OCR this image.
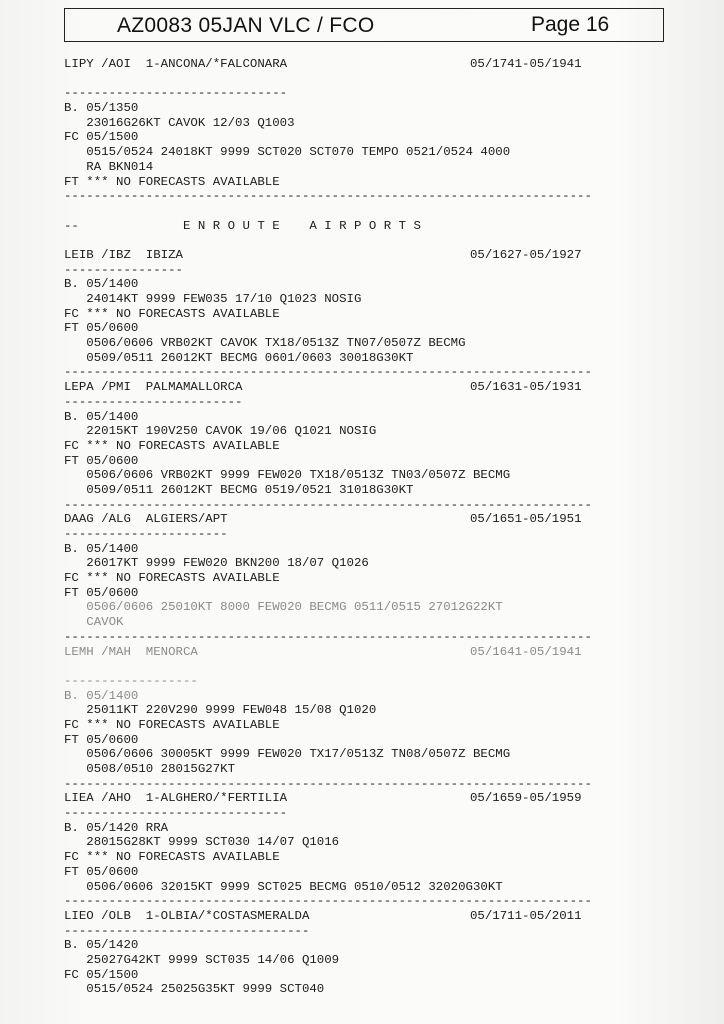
AZ0083 05JAN VLC / FCO	Page 16
LIPY /AOI  1-ANCONA/*FALCONARA	05/1741-05/1941
------------------------------
B. 05/1350
23016G26KT CAVOK 12/03 Q1003
FC 05/1500
0515/0524 24018KT 9999 SCT020 SCT070 TEMPO 0521/0524 4000
RA BKN014
FT *** NO FORECASTS AVAILABLE
-----------------------------------------------------------------------
--              E N R O U T E    A I R P O R T S
LEIB /IBZ  IBIZA	05/1627-05/1927
----------------
B. 05/1400
24014KT 9999 FEW035 17/10 Q1023 NOSIG
FC *** NO FORECASTS AVAILABLE
FT 05/0600
0506/0606 VRB02KT CAVOK TX18/0513Z TN07/0507Z BECMG
0509/0511 26012KT BECMG 0601/0603 30018G30KT
-----------------------------------------------------------------------
LEPA /PMI  PALMAMALLORCA	05/1631-05/1931
------------------------
B. 05/1400
22015KT 190V250 CAVOK 19/06 Q1021 NOSIG
FC *** NO FORECASTS AVAILABLE
FT 05/0600
0506/0606 VRB02KT 9999 FEW020 TX18/0513Z TN03/0507Z BECMG
0509/0511 26012KT BECMG 0519/0521 31018G30KT
-----------------------------------------------------------------------
DAAG /ALG  ALGIERS/APT	05/1651-05/1951
----------------------
B. 05/1400
26017KT 9999 FEW020 BKN200 18/07 Q1026
FC *** NO FORECASTS AVAILABLE
FT 05/0600
0506/0606 25010KT 8000 FEW020 BECMG 0511/0515 27012G22KT
CAVOK
-----------------------------------------------------------------------
LEMH /MAH  MENORCA	05/1641-05/1941
------------------
B. 05/1400
25011KT 220V290 9999 FEW048 15/08 Q1020
FC *** NO FORECASTS AVAILABLE
FT 05/0600
0506/0606 30005KT 9999 FEW020 TX17/0513Z TN08/0507Z BECMG
0508/0510 28015G27KT
-----------------------------------------------------------------------
LIEA /AHO  1-ALGHERO/*FERTILIA	05/1659-05/1959
------------------------------
B. 05/1420 RRA
28015G28KT 9999 SCT030 14/07 Q1016
FC *** NO FORECASTS AVAILABLE
FT 05/0600
0506/0606 32015KT 9999 SCT025 BECMG 0510/0512 32020G30KT
-----------------------------------------------------------------------
LIEO /OLB  1-OLBIA/*COSTASMERALDA	05/1711-05/2011
---------------------------------
B. 05/1420
25027G42KT 9999 SCT035 14/06 Q1009
FC 05/1500
0515/0524 25025G35KT 9999 SCT040
